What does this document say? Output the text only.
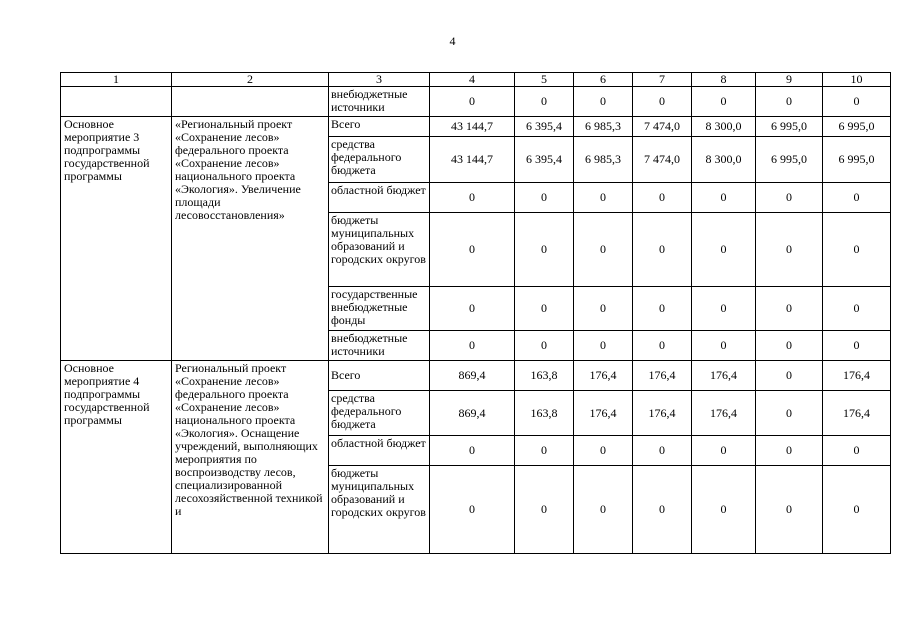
4
1	2	3	4	5	6	7	8	9	10
		внебюджетные источники	0	0	0	0	0	0	0
Основное мероприятие 3 подпрограммы государственной программы	«Региональный проект «Сохранение лесов» федерального проекта «Сохранение лесов» национального проекта «Экология». Увеличение площади лесовосстановления»	Всего	43 144,7	6 395,4	6 985,3	7 474,0	8 300,0	6 995,0	6 995,0
		средства федерального бюджета	43 144,7	6 395,4	6 985,3	7 474,0	8 300,0	6 995,0	6 995,0
		областной бюджет	0	0	0	0	0	0	0
		бюджеты муниципальных образований и городских округов	0	0	0	0	0	0	0
		государственные внебюджетные фонды	0	0	0	0	0	0	0
		внебюджетные источники	0	0	0	0	0	0	0
Основное мероприятие 4 подпрограммы государственной программы	Региональный проект «Сохранение лесов» федерального проекта «Сохранение лесов» национального проекта «Экология». Оснащение учреждений, выполняющих мероприятия по воспроизводству лесов, специализированной лесохозяйственной техникой и	Всего	869,4	163,8	176,4	176,4	176,4	0	176,4
		средства федерального бюджета	869,4	163,8	176,4	176,4	176,4	0	176,4
		областной бюджет	0	0	0	0	0	0	0
		бюджеты муниципальных образований и городских округов	0	0	0	0	0	0	0
